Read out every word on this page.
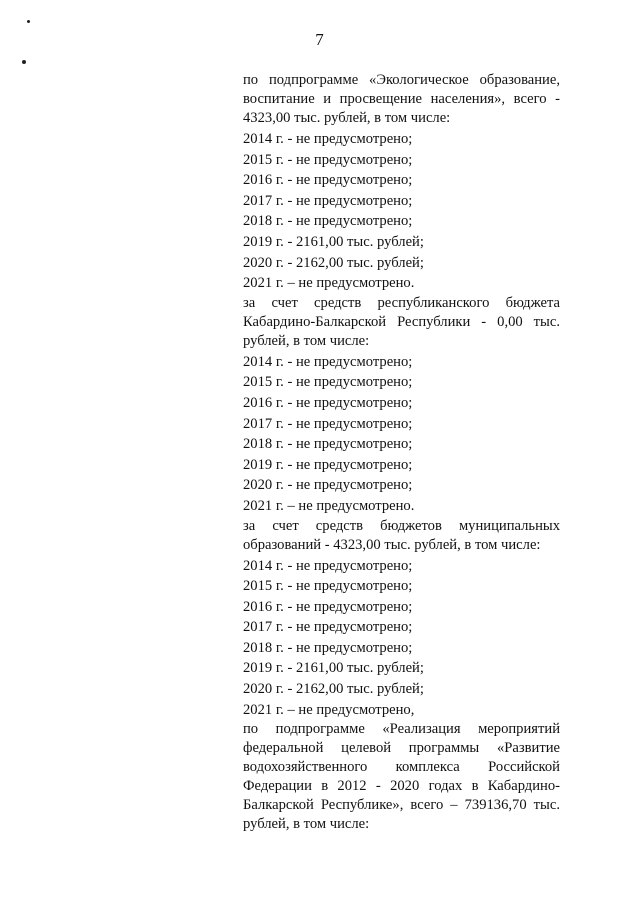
7
по подпрограмме «Экологическое образование, воспитание и просвещение населения», всего - 4323,00 тыс. рублей, в том числе:
2014 г. - не предусмотрено;
2015 г. - не предусмотрено;
2016 г. - не предусмотрено;
2017 г. - не предусмотрено;
2018 г. - не предусмотрено;
2019 г. - 2161,00 тыс. рублей;
2020 г. - 2162,00 тыс. рублей;
2021 г. – не предусмотрено.
за счет средств республиканского бюджета Кабардино-Балкарской Республики - 0,00 тыс. рублей, в том числе:
2014 г. - не предусмотрено;
2015 г. - не предусмотрено;
2016 г. - не предусмотрено;
2017 г. - не предусмотрено;
2018 г. - не предусмотрено;
2019 г. - не предусмотрено;
2020 г. - не предусмотрено;
2021 г. – не предусмотрено.
за счет средств бюджетов муниципальных образований - 4323,00 тыс. рублей, в том числе:
2014 г. - не предусмотрено;
2015 г. - не предусмотрено;
2016 г. - не предусмотрено;
2017 г. - не предусмотрено;
2018 г. - не предусмотрено;
2019 г. - 2161,00 тыс. рублей;
2020 г. - 2162,00 тыс. рублей;
2021 г. – не предусмотрено,
по подпрограмме «Реализация мероприятий федеральной целевой программы «Развитие водохозяйственного комплекса Российской Федерации в 2012 - 2020 годах в Кабардино-Балкарской Республике», всего – 739136,70 тыс. рублей, в том числе:
